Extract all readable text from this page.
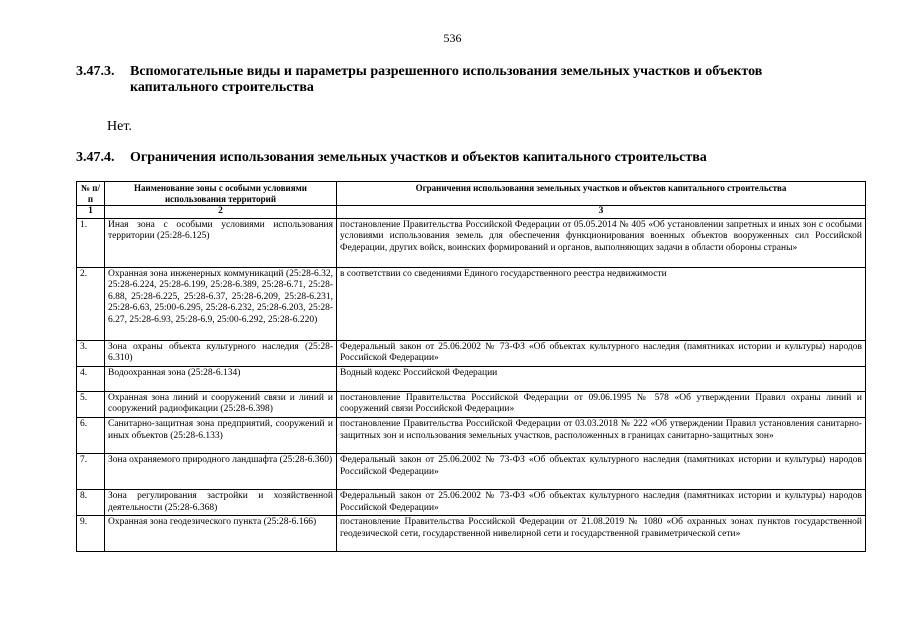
536
3.47.3. Вспомогательные виды и параметры разрешенного использования земельных участков и объектов
капитального строительства
Нет.
3.47.4. Ограничения использования земельных участков и объектов капитального строительства
№ п/п	Наименование зоны с особыми условиями использования территорий	Ограничения использования земельных участков и объектов капитального строительства
1	2	3
1.	Иная зона с особыми условиями использования территории (25:28-6.125)	постановление Правительства Российской Федерации от 05.05.2014 № 405 «Об установлении запретных и иных зон с особыми условиями использования земель для обеспечения функционирования военных объектов вооруженных сил Российской Федерации, других войск, воинских формирований и органов, выполняющих задачи в области обороны страны»
2.	Охранная зона инженерных коммуникаций (25:28-6.32, 25:28-6.224, 25:28-6.199, 25:28-6.389, 25:28-6.71, 25:28-6.88, 25:28-6.225, 25:28-6.37, 25:28-6.209, 25:28-6.231, 25:28-6.63, 25:00-6.295, 25:28-6.232, 25:28-6.203, 25:28-6.27, 25:28-6.93, 25:28-6.9, 25:00-6.292, 25:28-6.220)	в соответствии со сведениями Единого государственного реестра недвижимости
3.	Зона охраны объекта культурного наследия (25:28-6.310)	Федеральный закон от 25.06.2002 № 73-ФЗ «Об объектах культурного наследия (памятниках истории и культуры) народов Российской Федерации»
4.	Водоохранная зона (25:28-6.134)	Водный кодекс Российской Федерации
5.	Охранная зона линий и сооружений связи и линий и сооружений радиофикации (25:28-6.398)	постановление Правительства Российской Федерации от 09.06.1995 № 578 «Об утверждении Правил охраны линий и сооружений связи Российской Федерации»
6.	Санитарно-защитная зона предприятий, сооружений и иных объектов (25:28-6.133)	постановление Правительства Российской Федерации от 03.03.2018 № 222 «Об утверждении Правил установления санитарно-защитных зон и использования земельных участков, расположенных в границах санитарно-защитных зон»
7.	Зона охраняемого природного ландшафта (25:28-6.360)	Федеральный закон от 25.06.2002 № 73-ФЗ «Об объектах культурного наследия (памятниках истории и культуры) народов Российской Федерации»
8.	Зона регулирования застройки и хозяйственной деятельности (25:28-6.368)	Федеральный закон от 25.06.2002 № 73-ФЗ «Об объектах культурного наследия (памятниках истории и культуры) народов Российской Федерации»
9.	Охранная зона геодезического пункта (25:28-6.166)	постановление Правительства Российской Федерации от 21.08.2019 № 1080 «Об охранных зонах пунктов государственной геодезической сети, государственной нивелирной сети и государственной гравиметрической сети»
